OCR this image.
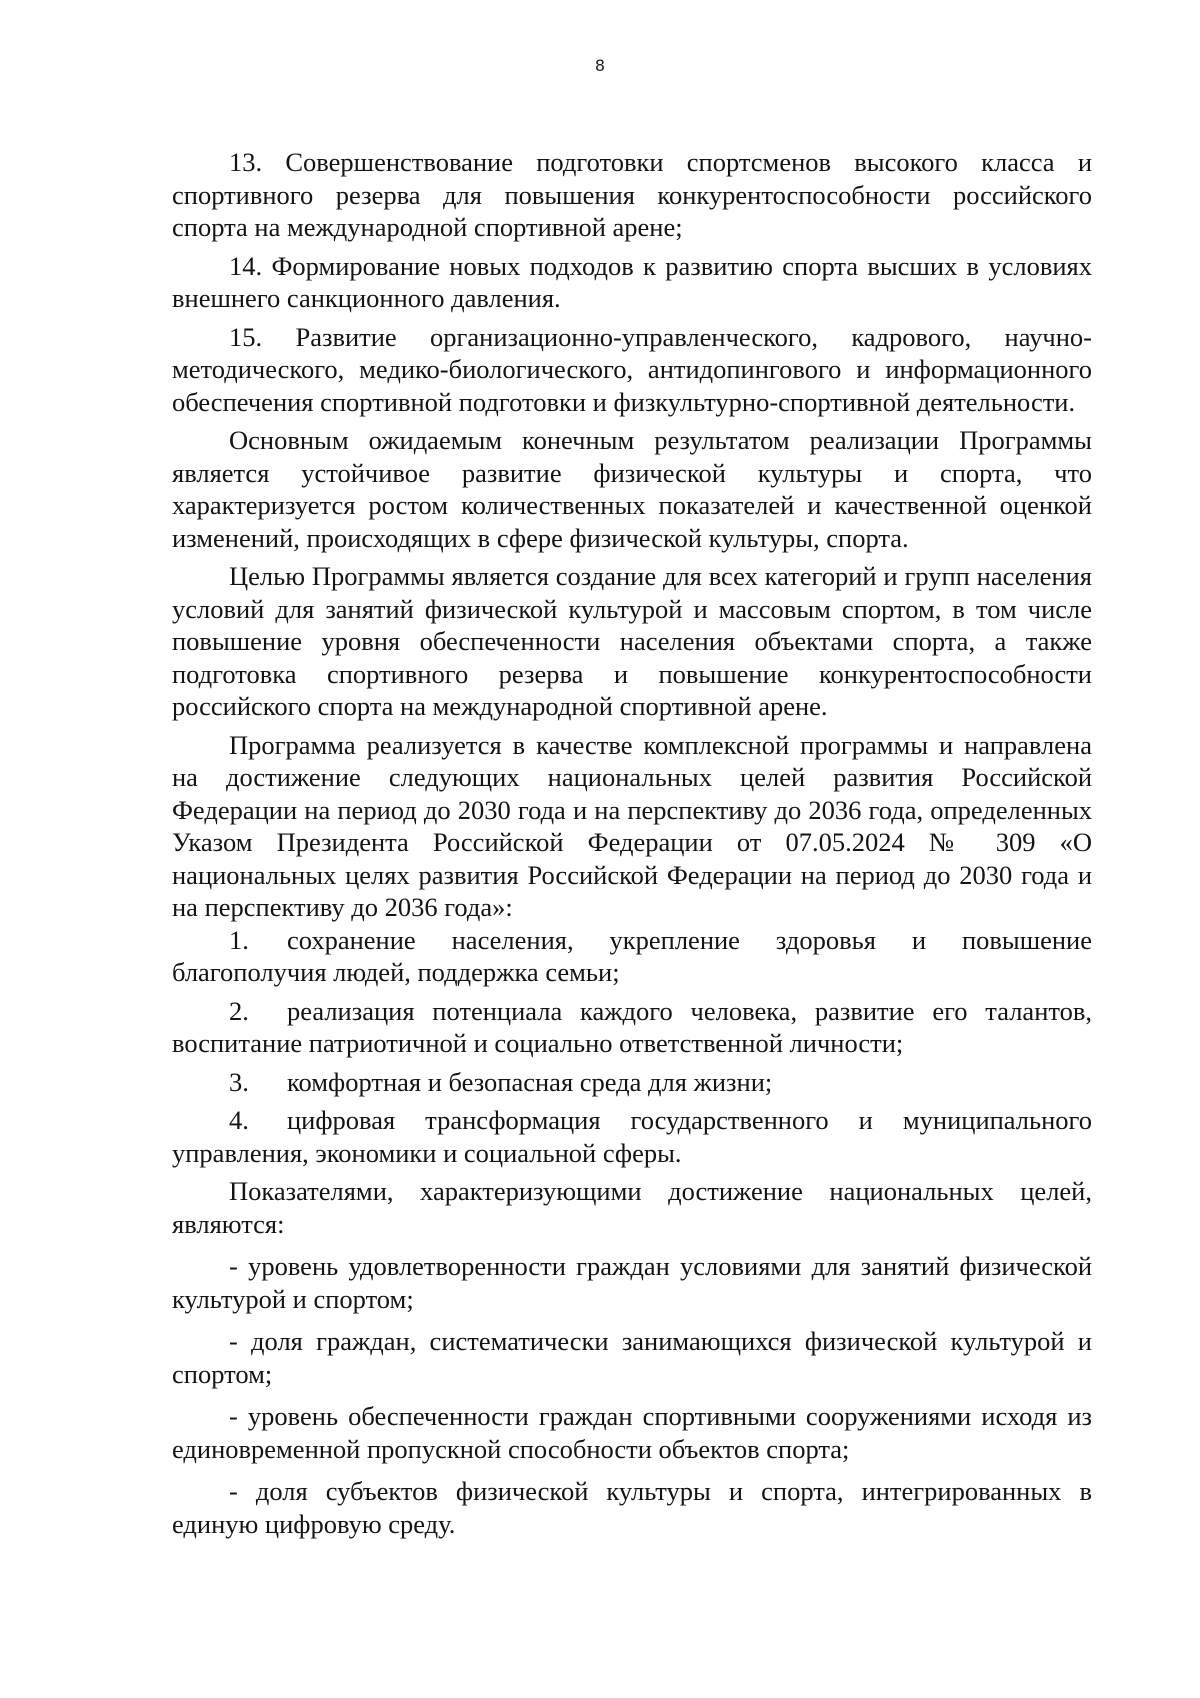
8

13. Совершенствование подготовки спортсменов высокого класса и спортивного резерва для повышения конкурентоспособности российского спорта на международной спортивной арене;

14. Формирование новых подходов к развитию спорта высших в условиях внешнего санкционного давления.

15. Развитие организационно-управленческого, кадрового, научно-методического, медико-биологического, антидопингового и информационного обеспечения спортивной подготовки и физкультурно-спортивной деятельности.

Основным ожидаемым конечным результатом реализации Программы является устойчивое развитие физической культуры и спорта, что характеризуется ростом количественных показателей и качественной оценкой изменений, происходящих в сфере физической культуры, спорта.

Целью Программы является создание для всех категорий и групп населения условий для занятий физической культурой и массовым спортом, в том числе повышение уровня обеспеченности населения объектами спорта, а также подготовка спортивного резерва и повышение конкурентоспособности российского спорта на международной спортивной арене.

Программа реализуется в качестве комплексной программы и направлена на достижение следующих национальных целей развития Российской Федерации на период до 2030 года и на перспективу до 2036 года, определенных Указом Президента Российской Федерации от 07.05.2024 № 309 «О национальных целях развития Российской Федерации на период до 2030 года и на перспективу до 2036 года»:

1. сохранение населения, укрепление здоровья и повышение благополучия людей, поддержка семьи;

2. реализация потенциала каждого человека, развитие его талантов, воспитание патриотичной и социально ответственной личности;

3. комфортная и безопасная среда для жизни;

4. цифровая трансформация государственного и муниципального управления, экономики и социальной сферы.

Показателями, характеризующими достижение национальных целей, являются:

- уровень удовлетворенности граждан условиями для занятий физической культурой и спортом;

- доля граждан, систематически занимающихся физической культурой и спортом;

- уровень обеспеченности граждан спортивными сооружениями исходя из единовременной пропускной способности объектов спорта;

- доля субъектов физической культуры и спорта, интегрированных в единую цифровую среду.
